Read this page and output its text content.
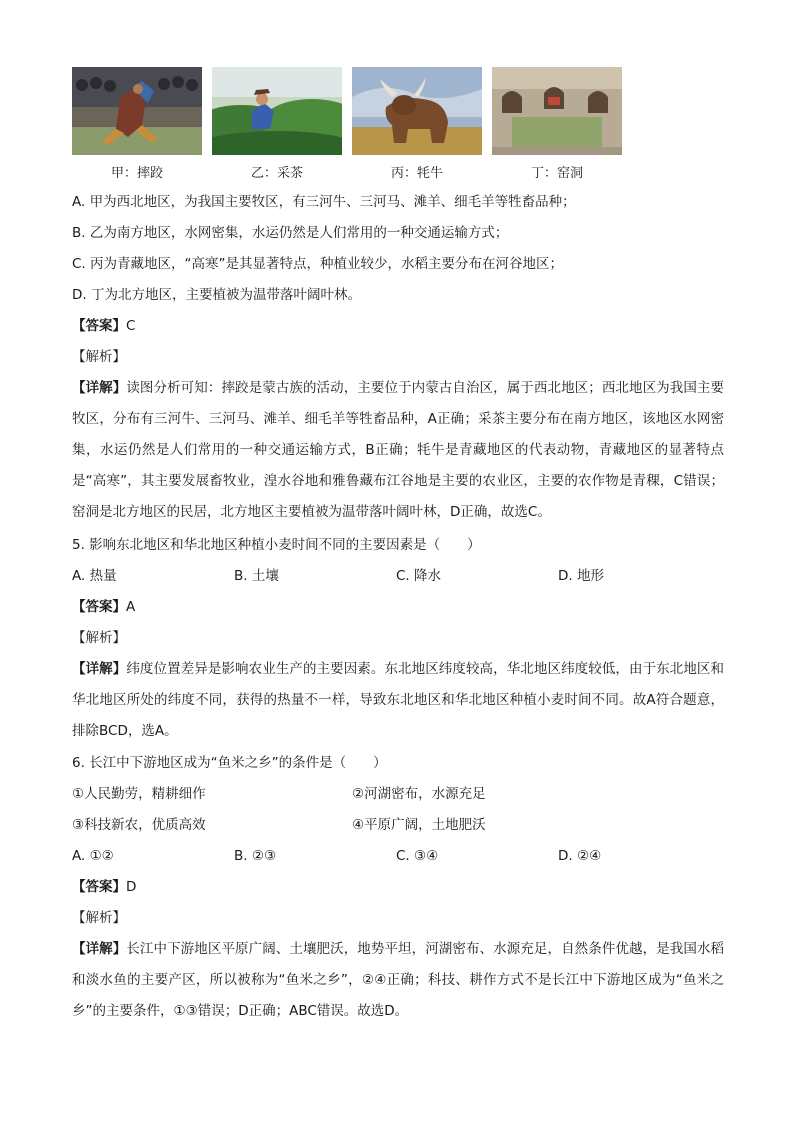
甲：摔跤	乙：采茶	丙：牦牛	丁：窑洞
A. 甲为西北地区，为我国主要牧区，有三河牛、三河马、滩羊、细毛羊等牲畜品种；
B. 乙为南方地区，水网密集，水运仍然是人们常用的一种交通运输方式；
C. 丙为青藏地区，“高寒”是其显著特点，种植业较少，水稻主要分布在河谷地区；
D. 丁为北方地区，主要植被为温带落叶阔叶林。
【答案】C
【解析】
【详解】读图分析可知：摔跤是蒙古族的活动，主要位于内蒙古自治区，属于西北地区；西北地区为我国主要牧区，分布有三河牛、三河马、滩羊、细毛羊等牲畜品种，A正确；采茶主要分布在南方地区，该地区水网密集，水运仍然是人们常用的一种交通运输方式，B正确；牦牛是青藏地区的代表动物，青藏地区的显著特点是“高寒”，其主要发展畜牧业，湟水谷地和雅鲁藏布江谷地是主要的农业区，主要的农作物是青稞，C错误；窑洞是北方地区的民居，北方地区主要植被为温带落叶阔叶林，D正确，故选C。
5. 影响东北地区和华北地区种植小麦时间不同的主要因素是（　　）
A. 热量	B. 土壤	C. 降水	D. 地形
【答案】A
【解析】
【详解】纬度位置差异是影响农业生产的主要因素。东北地区纬度较高，华北地区纬度较低，由于东北地区和华北地区所处的纬度不同，获得的热量不一样，导致东北地区和华北地区种植小麦时间不同。故A符合题意，排除BCD，选A。
6. 长江中下游地区成为“鱼米之乡”的条件是（　　）
①人民勤劳，精耕细作	②河湖密布，水源充足
③科技新农，优质高效	④平原广阔，土地肥沃
A. ①②	B. ②③	C. ③④	D. ②④
【答案】D
【解析】
【详解】长江中下游地区平原广阔、土壤肥沃，地势平坦，河湖密布、水源充足，自然条件优越，是我国水稻和淡水鱼的主要产区，所以被称为“鱼米之乡”，②④正确；科技、耕作方式不是长江中下游地区成为“鱼米之乡”的主要条件，①③错误；D正确；ABC错误。故选D。
